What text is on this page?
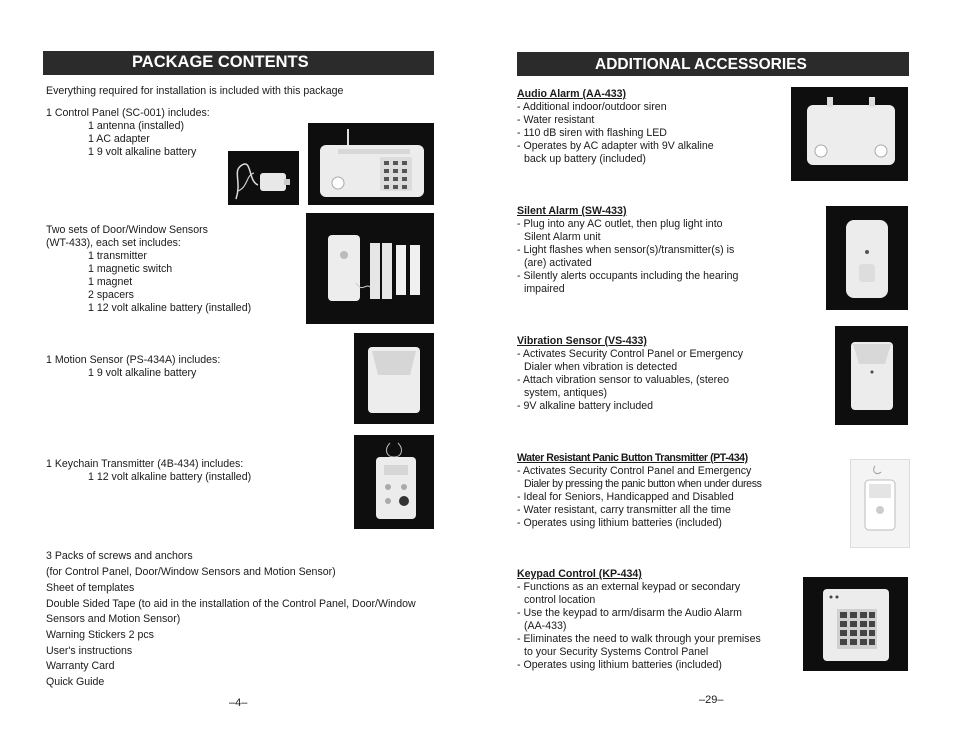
PACKAGE CONTENTS
Everything required for installation is included with this package
1 Control Panel (SC-001) includes:
1 antenna (installed)
1 AC adapter
1 9 volt alkaline battery
Two sets of Door/Window Sensors
(WT-433), each set includes:
1 transmitter
1 magnetic switch
1 magnet
2 spacers
1 12 volt alkaline battery (installed)
1 Motion Sensor (PS-434A) includes:
1 9 volt alkaline battery
1 Keychain Transmitter (4B-434) includes:
1 12 volt alkaline battery (installed)
3 Packs of screws and anchors
(for Control Panel, Door/Window Sensors and Motion Sensor)
Sheet of templates
Double Sided Tape (to aid in the installation of the Control Panel, Door/Window
Sensors and Motion Sensor)
Warning Stickers 2 pcs
User's instructions
Warranty Card
Quick Guide
–4–
ADDITIONAL ACCESSORIES
Audio Alarm (AA-433)
- Additional indoor/outdoor siren
- Water resistant
- 110 dB siren with flashing LED
- Operates by AC adapter with 9V alkaline
back up battery (included)
Silent Alarm (SW-433)
- Plug into any AC outlet, then plug light into
Silent Alarm unit
- Light flashes when sensor(s)/transmitter(s) is
(are) activated
- Silently alerts occupants including the hearing
impaired
Vibration Sensor (VS-433)
- Activates Security Control Panel or Emergency
Dialer when vibration is detected
- Attach vibration sensor to valuables, (stereo
system, antiques)
- 9V alkaline battery included
Water Resistant Panic Button Transmitter (PT-434)
- Activates Security Control Panel and Emergency
Dialer by pressing the panic button when under duress
- Ideal for Seniors, Handicapped and Disabled
- Water resistant, carry transmitter all the time
- Operates using lithium batteries (included)
Keypad Control (KP-434)
- Functions as an external keypad or secondary
control location
- Use the keypad to arm/disarm the Audio Alarm
(AA-433)
- Eliminates the need to walk through your premises
to your Security Systems Control Panel
- Operates using lithium batteries (included)
–29–
